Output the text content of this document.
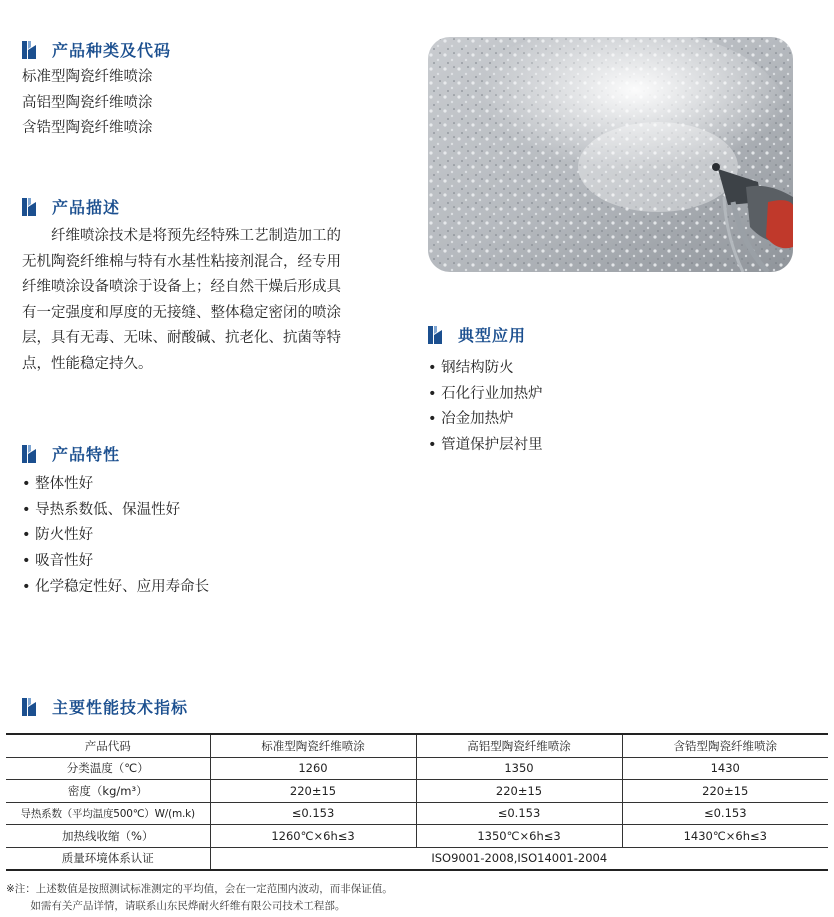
产品种类及代码
标准型陶瓷纤维喷涂
高铝型陶瓷纤维喷涂
含锆型陶瓷纤维喷涂
产品描述
　　纤维喷涂技术是将预先经特殊工艺制造加工的
无机陶瓷纤维棉与特有水基性粘接剂混合，经专用
纤维喷涂设备喷涂于设备上；经自然干燥后形成具
有一定强度和厚度的无接缝、整体稳定密闭的喷涂
层，具有无毒、无味、耐酸碱、抗老化、抗菌等特
点，性能稳定持久。
产品特性
• 整体性好
• 导热系数低、保温性好
• 防火性好
• 吸音性好
• 化学稳定性好、应用寿命长
典型应用
• 钢结构防火
• 石化行业加热炉
• 冶金加热炉
• 管道保护层衬里
主要性能技术指标
产品代码	标准型陶瓷纤维喷涂	高铝型陶瓷纤维喷涂	含锆型陶瓷纤维喷涂
分类温度（℃）	1260	1350	1430
密度（kg/m³）	220±15	220±15	220±15
导热系数（平均温度500℃）W/(m.k)	≤0.153	≤0.153	≤0.153
加热线收缩（%）	1260℃×6h≤3	1350℃×6h≤3	1430℃×6h≤3
质量环境体系认证	ISO9001-2008,ISO14001-2004		
※注：上述数值是按照测试标准测定的平均值，会在一定范围内波动，而非保证值。
　　 如需有关产品详情，请联系山东民烨耐火纤维有限公司技术工程部。
